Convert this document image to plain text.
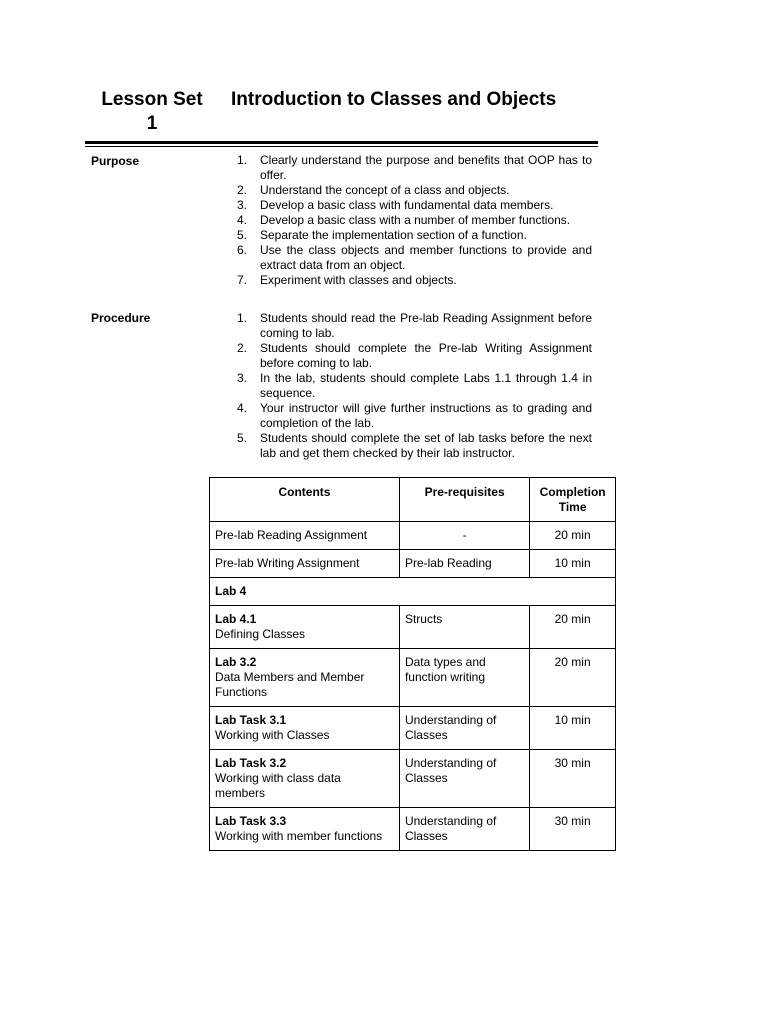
Lesson Set
1
Introduction to Classes and Objects
Purpose	1. Clearly understand the purpose and benefits that OOP has to offer.
2. Understand the concept of a class and objects.
3. Develop a basic class with fundamental data members.
4. Develop a basic class with a number of member functions.
5. Separate the implementation section of a function.
6. Use the class objects and member functions to provide and extract data from an object.
7. Experiment with classes and objects.
Procedure	1. Students should read the Pre-lab Reading Assignment before coming to lab.
2. Students should complete the Pre-lab Writing Assignment before coming to lab.
3. In the lab, students should complete Labs 1.1 through 1.4 in sequence.
4. Your instructor will give further instructions as to grading and completion of the lab.
5. Students should complete the set of lab tasks before the next lab and get them checked by their lab instructor.
Contents	Pre-requisites	Completion Time
Pre-lab Reading Assignment	-	20 min
Pre-lab Writing Assignment	Pre-lab Reading	10 min

Lab 4		

Lab 4.1
Defining Classes	Structs	20 min

Lab 3.2
Data Members and Member Functions	Data types and function writing	20 min

Lab Task 3.1
Working with Classes	Understanding of Classes	10 min

Lab Task 3.2
Working with class data members	Understanding of Classes	30 min

Lab Task 3.3
Working with member functions	Understanding of Classes	30 min
